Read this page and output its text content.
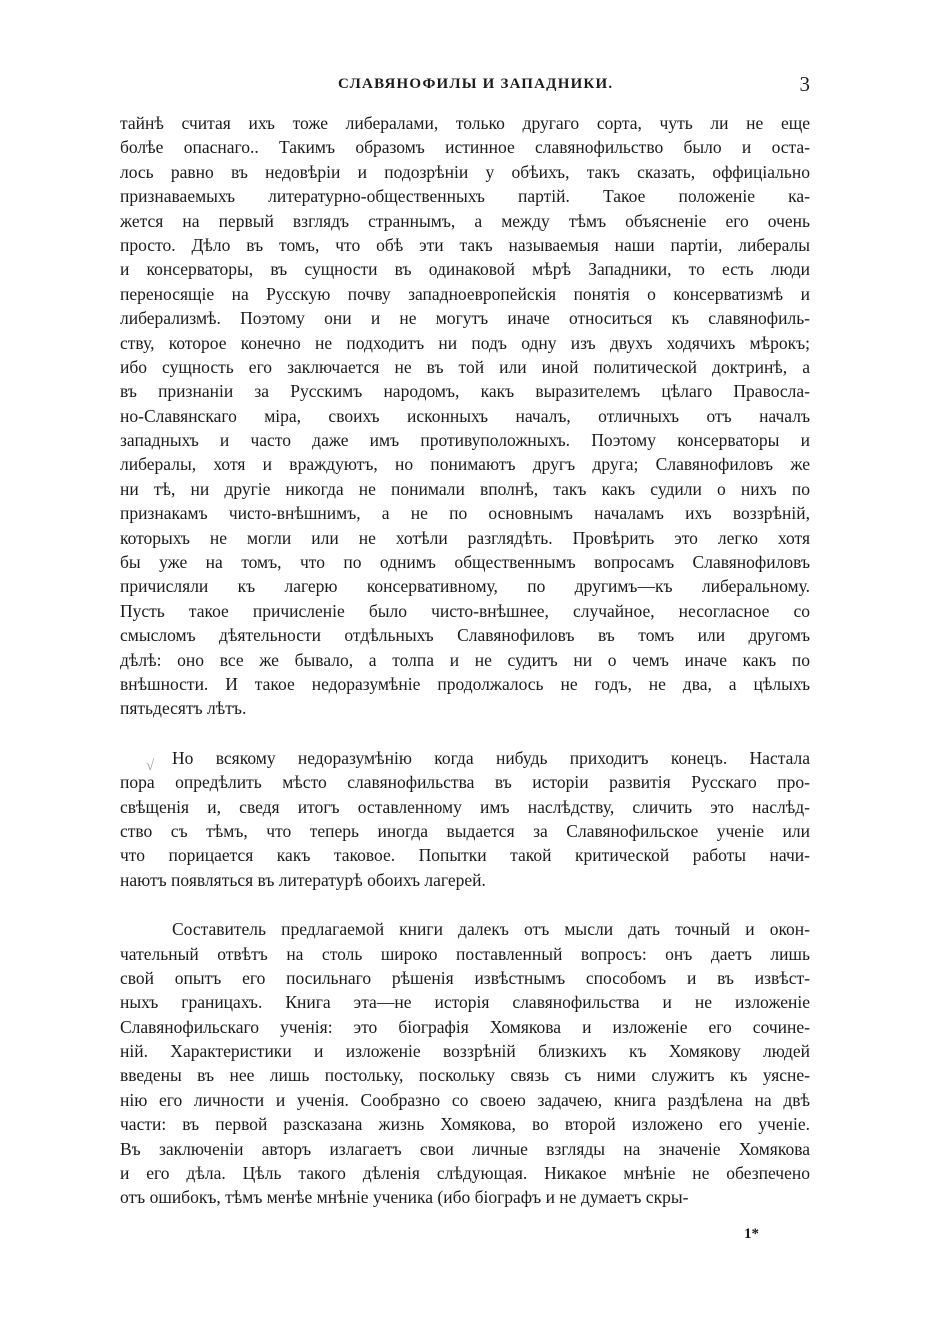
СЛАВЯНОФИЛЫ И ЗАПАДНИКИ.	3
√
тайнѣ считая ихъ тоже либералами, только другаго сорта, чуть ли не еще
болѣе опаснаго.. Такимъ образомъ истинное славянофильство было и оста-
лось равно въ недовѣріи и подозрѣніи у обѣихъ, такъ сказать, оффиціально
признаваемыхъ литературно-общественныхъ партій. Такое положеніе ка-
жется на первый взглядъ страннымъ, а между тѣмъ объясненіе его очень
просто. Дѣло въ томъ, что обѣ эти такъ называемыя наши партіи, либералы
и консерваторы, въ сущности въ одинаковой мѣрѣ Западники, то есть люди
переносящіе на Русскую почву западноевропейскія понятія о консерватизмѣ и
либерализмѣ. Поэтому они и не могутъ иначе относиться къ славянофиль-
ству, которое конечно не подходитъ ни подъ одну изъ двухъ ходячихъ мѣрокъ;
ибо сущность его заключается не въ той или иной политической доктринѣ, а
въ признаніи за Русскимъ народомъ, какъ выразителемъ цѣлаго Правосла-
но-Славянскаго міра, своихъ исконныхъ началъ, отличныхъ отъ началъ
западныхъ и часто даже имъ противуположныхъ. Поэтому консерваторы и
либералы, хотя и враждуютъ, но понимаютъ другъ друга; Славянофиловъ же
ни тѣ, ни другіе никогда не понимали вполнѣ, такъ какъ судили о нихъ по
признакамъ чисто-внѣшнимъ, а не по основнымъ началамъ ихъ воззрѣній,
которыхъ не могли или не хотѣли разглядѣть. Провѣрить это легко хотя
бы уже на томъ, что по однимъ общественнымъ вопросамъ Славянофиловъ
причисляли къ лагерю консервативному, по другимъ—къ либеральному.
Пусть такое причисленіе было чисто-внѣшнее, случайное, несогласное со
смысломъ дѣятельности отдѣльныхъ Славянофиловъ въ томъ или другомъ
дѣлѣ: оно все же бывало, а толпа и не судитъ ни о чемъ иначе какъ по
внѣшности. И такое недоразумѣніе продолжалось не годъ, не два, а цѣлыхъ
пятьдесятъ лѣтъ.
Но всякому недоразумѣнію когда нибудь приходитъ конецъ. Настала
пора опредѣлить мѣсто славянофильства въ исторіи развитія Русскаго про-
свѣщенія и, сведя итогъ оставленному имъ наслѣдству, сличить это наслѣд-
ство съ тѣмъ, что теперь иногда выдается за Славянофильское ученіе или
что порицается какъ таковое. Попытки такой критической работы начи-
наютъ появляться въ литературѣ обоихъ лагерей.
Составитель предлагаемой книги далекъ отъ мысли дать точный и окон-
чательный отвѣтъ на столь широко поставленный вопросъ: онъ даетъ лишь
свой опытъ его посильнаго рѣшенія извѣстнымъ способомъ и въ извѣст-
ныхъ границахъ. Книга эта—не исторія славянофильства и не изложеніе
Славянофильскаго ученія: это біографія Хомякова и изложеніе его сочине-
ній. Характеристики и изложеніе воззрѣній близкихъ къ Хомякову людей
введены въ нее лишь постольку, поскольку связь съ ними служитъ къ уясне-
нію его личности и ученія. Сообразно со своею задачею, книга раздѣлена на двѣ
части: въ первой разсказана жизнь Хомякова, во второй изложено его ученіе.
Въ заключеніи авторъ излагаетъ свои личные взгляды на значеніе Хомякова
и его дѣла. Цѣль такого дѣленія слѣдующая. Никакое мнѣніе не обезпечено
отъ ошибокъ, тѣмъ менѣе мнѣніе ученика (ибо біографъ и не думаетъ скры-
1*
